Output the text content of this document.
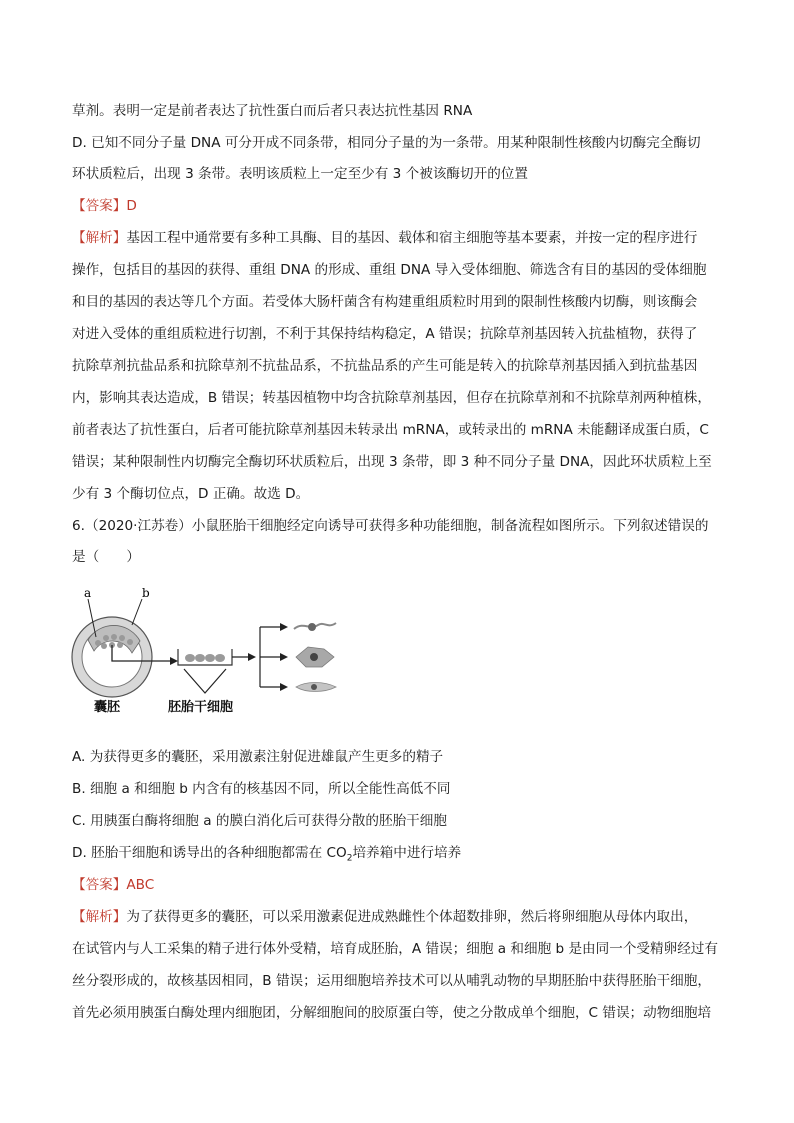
草剂。表明一定是前者表达了抗性蛋白而后者只表达抗性基因 RNA
D. 已知不同分子量 DNA 可分开成不同条带，相同分子量的为一条带。用某种限制性核酸内切酶完全酶切
环状质粒后，出现 3 条带。表明该质粒上一定至少有 3 个被该酶切开的位置
【答案】D
【解析】基因工程中通常要有多种工具酶、目的基因、载体和宿主细胞等基本要素，并按一定的程序进行
操作，包括目的基因的获得、重组 DNA 的形成、重组 DNA 导入受体细胞、筛选含有目的基因的受体细胞
和目的基因的表达等几个方面。若受体大肠杆菌含有构建重组质粒时用到的限制性核酸内切酶，则该酶会
对进入受体的重组质粒进行切割，不利于其保持结构稳定，A 错误；抗除草剂基因转入抗盐植物，获得了
抗除草剂抗盐品系和抗除草剂不抗盐品系，不抗盐品系的产生可能是转入的抗除草剂基因插入到抗盐基因
内，影响其表达造成，B 错误；转基因植物中均含抗除草剂基因，但存在抗除草剂和不抗除草剂两种植株，
前者表达了抗性蛋白，后者可能抗除草剂基因未转录出 mRNA，或转录出的 mRNA 未能翻译成蛋白质，C
错误；某种限制性内切酶完全酶切环状质粒后，出现 3 条带，即 3 种不同分子量 DNA，因此环状质粒上至
少有 3 个酶切位点，D 正确。故选 D。
6.（2020·江苏卷）小鼠胚胎干细胞经定向诱导可获得多种功能细胞，制备流程如图所示。下列叙述错误的
是（　　）
a	b
囊胚	胚胎干细胞
A. 为获得更多的囊胚，采用激素注射促进雄鼠产生更多的精子
B. 细胞 a 和细胞 b 内含有的核基因不同，所以全能性高低不同
C. 用胰蛋白酶将细胞 a 的膜白消化后可获得分散的胚胎干细胞
D. 胚胎干细胞和诱导出的各种细胞都需在 $CO_2$培养箱中进行培养
【答案】ABC
【解析】为了获得更多的囊胚，可以采用激素促进成熟雌性个体超数排卵，然后将卵细胞从母体内取出，
在试管内与人工采集的精子进行体外受精，培育成胚胎，A 错误；细胞 a 和细胞 b 是由同一个受精卵经过有
丝分裂形成的，故核基因相同，B 错误；运用细胞培养技术可以从哺乳动物的早期胚胎中获得胚胎干细胞，
首先必须用胰蛋白酶处理内细胞团，分解细胞间的胶原蛋白等，使之分散成单个细胞，C 错误；动物细胞培
